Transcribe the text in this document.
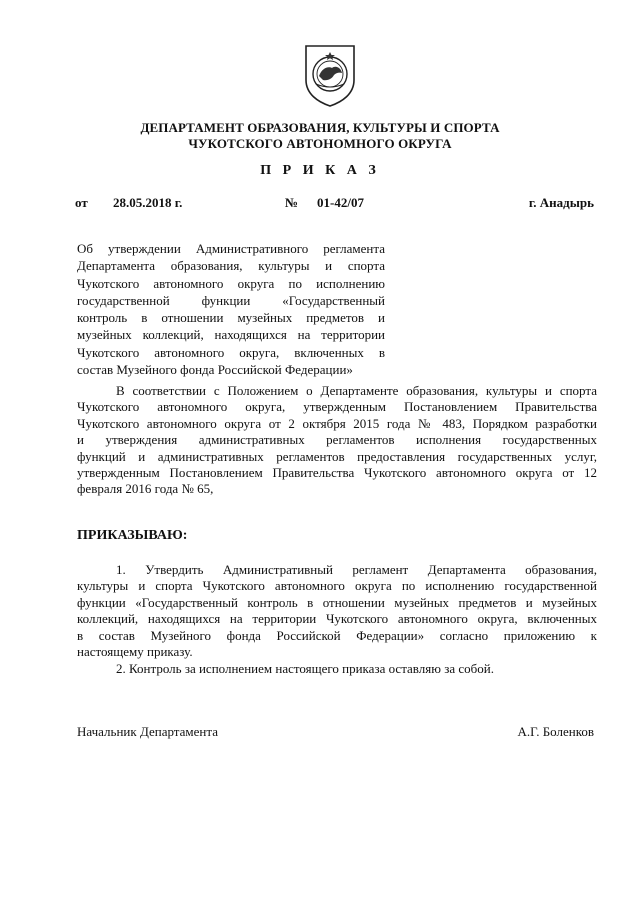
ДЕПАРТАМЕНТ ОБРАЗОВАНИЯ, КУЛЬТУРЫ И СПОРТА
ЧУКОТСКОГО АВТОНОМНОГО ОКРУГА
П Р И К А З
от 28.05.2018 г.	№ 01-42/07	г. Анадырь
Об утверждении Административного регламента
Департамента образования, культуры и спорта
Чукотского автономного округа по исполнению
государственной функции «Государственный
контроль в отношении музейных предметов и
музейных коллекций, находящихся на территории
Чукотского автономного округа, включенных в
состав Музейного фонда Российской Федерации»
В соответствии с Положением о Департаменте образования, культуры и спорта
Чукотского автономного округа, утвержденным Постановлением Правительства
Чукотского автономного округа от 2 октября 2015 года № 483, Порядком разработки
и утверждения административных регламентов исполнения государственных
функций и административных регламентов предоставления государственных услуг,
утвержденным Постановлением Правительства Чукотского автономного округа от 12
февраля 2016 года № 65,
ПРИКАЗЫВАЮ:
1. Утвердить Административный регламент Департамента образования,
культуры и спорта Чукотского автономного округа по исполнению государственной
функции «Государственный контроль в отношении музейных предметов и музейных
коллекций, находящихся на территории Чукотского автономного округа, включенных
в состав Музейного фонда Российской Федерации» согласно приложению к
настоящему приказу.
2. Контроль за исполнением настоящего приказа оставляю за собой.
Начальник Департамента	А.Г. Боленков
